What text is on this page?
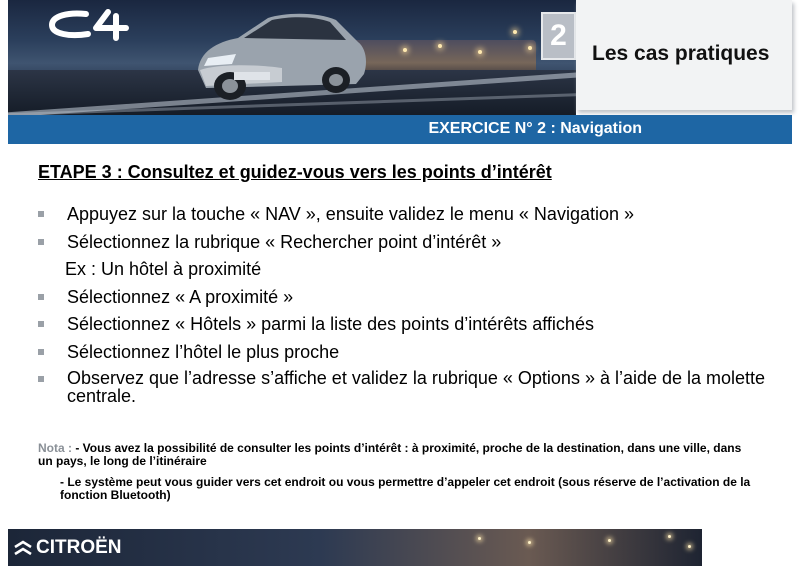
2
Les cas pratiques
EXERCICE N° 2 : Navigation
ETAPE 3 : Consultez et guidez-vous vers les points d’intérêt
Appuyez sur la touche « NAV », ensuite validez le menu « Navigation »
Sélectionnez la rubrique « Rechercher point d’intérêt »
Ex : Un hôtel à proximité
Sélectionnez « A proximité »
Sélectionnez « Hôtels » parmi la liste des points d’intérêts affichés
Sélectionnez l’hôtel le plus proche
Observez que l’adresse s’affiche et validez la rubrique « Options » à l’aide de la molette centrale.
Nota : - Vous avez la possibilité de consulter les points d’intérêt : à proximité, proche de la destination, dans une ville, dans un pays, le long de l’itinéraire
- Le système peut vous guider vers cet endroit ou vous permettre d’appeler cet endroit (sous réserve de l’activation de la fonction Bluetooth)
CITROËN
